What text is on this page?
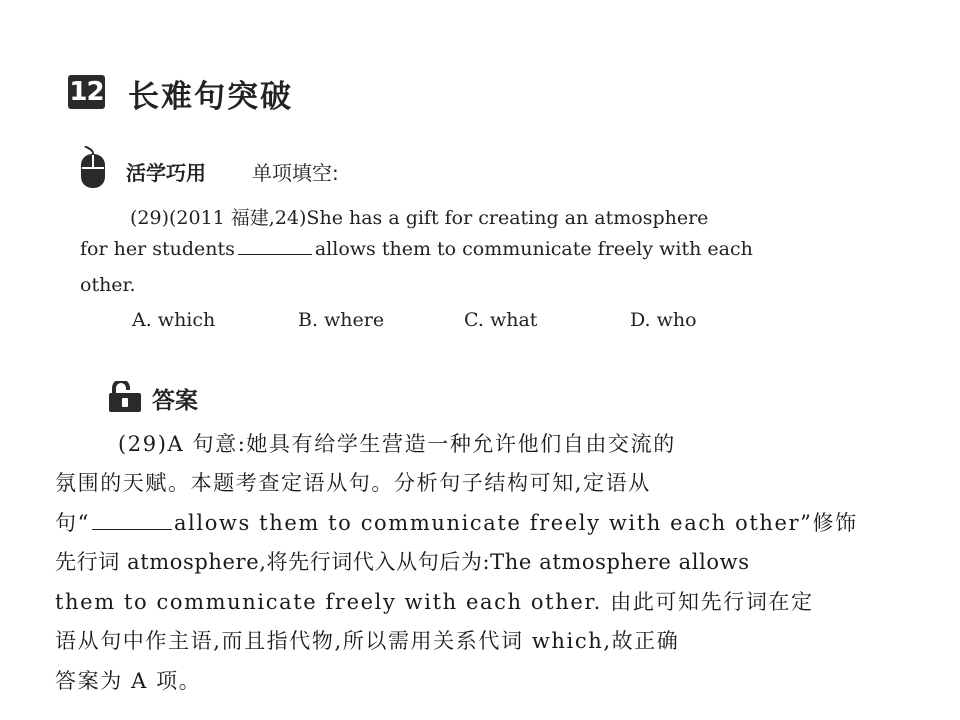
12 长难句突破
活学巧用 单项填空:
(29)(2011 福建,24)She has a gift for creating an atmosphere
for her students	allows them to communicate freely with each
other.
A. which	B. where	C. what	D. who
答案
(29)A 句意:她具有给学生营造一种允许他们自由交流的
氛围的天赋。本题考查定语从句。分析句子结构可知,定语从
句“	allows them to communicate freely with each other”修饰
先行词 atmosphere,将先行词代入从句后为:The atmosphere allows
them to communicate freely with each other. 由此可知先行词在定
语从句中作主语,而且指代物,所以需用关系代词 which,故正确
答案为 A 项。
